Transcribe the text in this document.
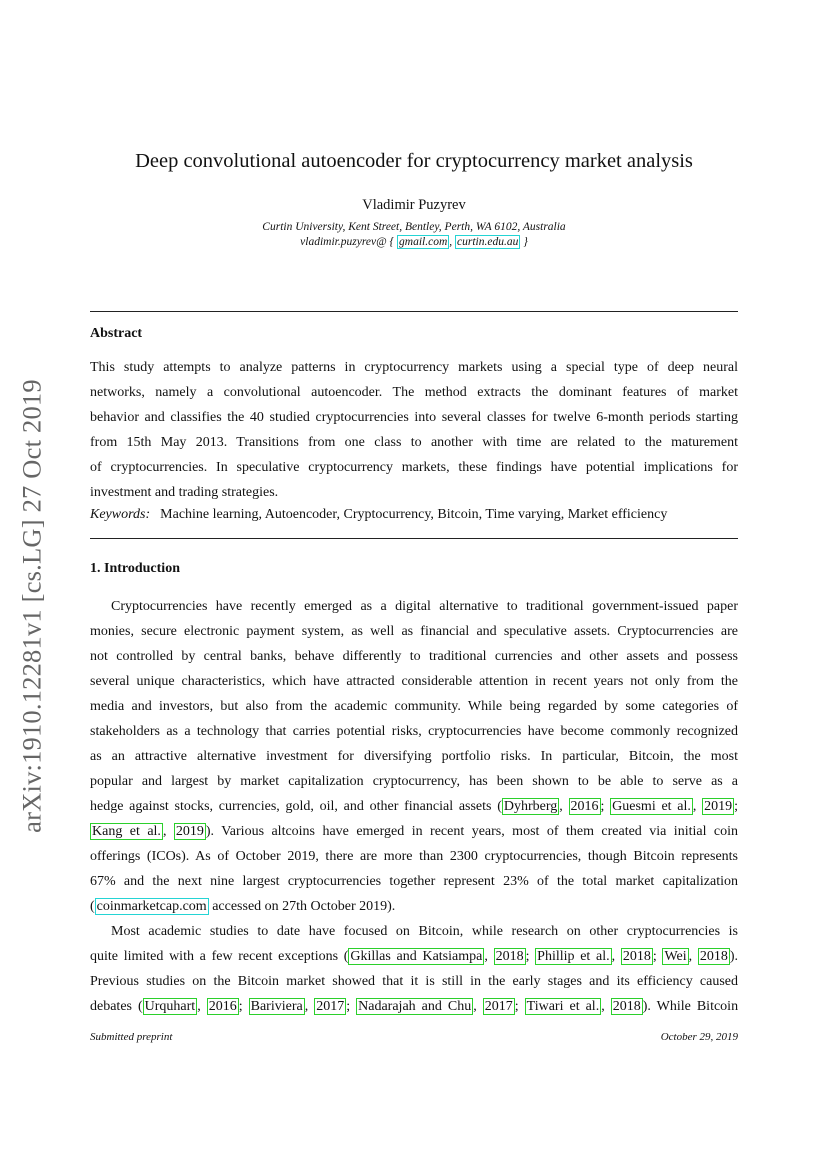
arXiv:1910.12281v1 [cs.LG] 27 Oct 2019
Deep convolutional autoencoder for cryptocurrency market analysis
Vladimir Puzyrev
Curtin University, Kent Street, Bentley, Perth, WA 6102, Australia
vladimir.puzyrev@ { gmail.com , curtin.edu.au }
Abstract
This study attempts to analyze patterns in cryptocurrency markets using a special type of deep neural
networks, namely a convolutional autoencoder. The method extracts the dominant features of market
behavior and classifies the 40 studied cryptocurrencies into several classes for twelve 6-month periods starting
from 15th May 2013. Transitions from one class to another with time are related to the maturement
of cryptocurrencies. In speculative cryptocurrency markets, these findings have potential implications for
investment and trading strategies.
Keywords: Machine learning, Autoencoder, Cryptocurrency, Bitcoin, Time varying, Market efficiency
1. Introduction
Cryptocurrencies have recently emerged as a digital alternative to traditional government-issued paper
monies, secure electronic payment system, as well as financial and speculative assets. Cryptocurrencies are
not controlled by central banks, behave differently to traditional currencies and other assets and possess
several unique characteristics, which have attracted considerable attention in recent years not only from the
media and investors, but also from the academic community. While being regarded by some categories of
stakeholders as a technology that carries potential risks, cryptocurrencies have become commonly recognized
as an attractive alternative investment for diversifying portfolio risks. In particular, Bitcoin, the most
popular and largest by market capitalization cryptocurrency, has been shown to be able to serve as a
hedge against stocks, currencies, gold, oil, and other financial assets ( Dyhrberg , 2016 ; Guesmi et al. , 2019 ;
Kang et al. , 2019 ). Various altcoins have emerged in recent years, most of them created via initial coin
offerings (ICOs). As of October 2019, there are more than 2300 cryptocurrencies, though Bitcoin represents
67% and the next nine largest cryptocurrencies together represent 23% of the total market capitalization
( coinmarketcap.com accessed on 27th October 2019).
Most academic studies to date have focused on Bitcoin, while research on other cryptocurrencies is
quite limited with a few recent exceptions ( Gkillas and Katsiampa , 2018 ; Phillip et al. , 2018 ; Wei , 2018 ).
Previous studies on the Bitcoin market showed that it is still in the early stages and its efficiency caused
debates ( Urquhart , 2016 ; Bariviera , 2017 ; Nadarajah and Chu , 2017 ; Tiwari et al. , 2018 ). While Bitcoin
Submitted preprint	October 29, 2019
